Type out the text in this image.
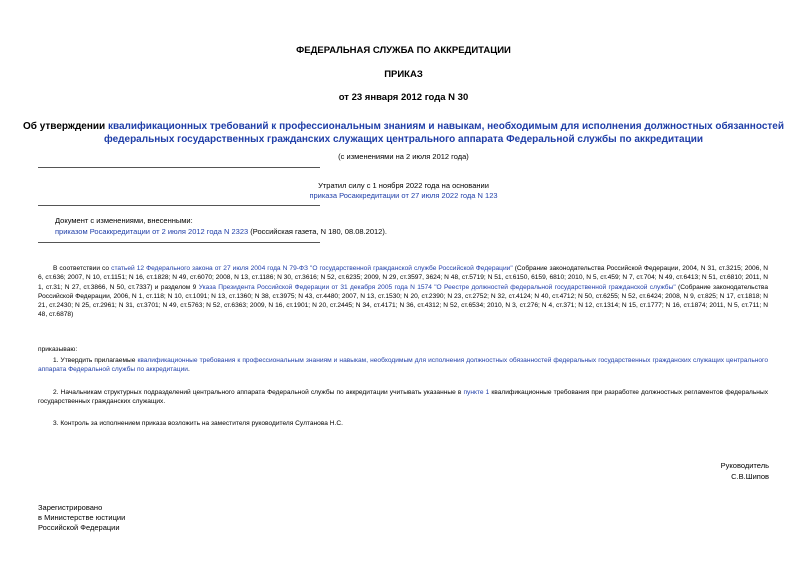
ФЕДЕРАЛЬНАЯ СЛУЖБА ПО АККРЕДИТАЦИИ
ПРИКАЗ
от 23 января 2012 года N 30
Об утверждении квалификационных требований к профессиональным знаниям и навыкам, необходимым для исполнения должностных обязанностей
федеральных государственных гражданских служащих центрального аппарата Федеральной службы по аккредитации
(с изменениями на 2 июля 2012 года)
Утратил силу с 1 ноября 2022 года на основании
приказа Росаккредитации от 27 июля 2022 года N 123
Документ с изменениями, внесенными:
приказом Росаккредитации от 2 июля 2012 года N 2323 (Российская газета, N 180, 08.08.2012).
В соответствии со статьей 12 Федерального закона от 27 июля 2004 года N 79-ФЗ "О государственной гражданской службе Российской Федерации" (Собрание законодательства Российской Федерации, 2004, N 31, ст.3215; 2006, N 6, ст.636; 2007, N 10, ст.1151; N 16, ст.1828; N 49, ст.6070; 2008, N 13, ст.1186; N 30, ст.3616; N 52, ст.6235; 2009, N 29, ст.3597, 3624; N 48, ст.5719; N 51, ст.6150, 6159, 6810; 2010, N 5, ст.459; N 7, ст.704; N 49, ст.6413; N 51, ст.6810; 2011, N 1, ст.31; N 27, ст.3866, N 50, ст.7337) и разделом 9 Указа Президента Российской Федерации от 31 декабря 2005 года N 1574 "О Реестре должностей федеральной государственной гражданской службы" (Собрание законодательства Российской Федерации, 2006, N 1, ст.118; N 10, ст.1091; N 13, ст.1360; N 38, ст.3975; N 43, ст.4480; 2007, N 13, ст.1530; N 20, ст.2390; N 23, ст.2752; N 32, ст.4124; N 40, ст.4712; N 50, ст.6255; N 52, ст.6424; 2008, N 9, ст.825; N 17, ст.1818; N 21, ст.2430; N 25, ст.2961; N 31, ст.3701; N 49, ст.5763; N 52, ст.6363; 2009, N 16, ст.1901; N 20, ст.2445; N 34, ст.4171; N 36, ст.4312; N 52, ст.6534; 2010, N 3, ст.276; N 4, ст.371; N 12, ст.1314; N 15, ст.1777; N 16, ст.1874; 2011, N 5, ст.711; N 48, ст.6878)
приказываю:
1. Утвердить прилагаемые квалификационные требования к профессиональным знаниям и навыкам, необходимым для исполнения должностных обязанностей федеральных государственных гражданских служащих центрального аппарата Федеральной службы по аккредитации.
2. Начальникам структурных подразделений центрального аппарата Федеральной службы по аккредитации учитывать указанные в пункте 1 квалификационные требования при разработке должностных регламентов федеральных государственных гражданских служащих.
3. Контроль за исполнением приказа возложить на заместителя руководителя Султанова Н.С.
Руководитель
С.В.Шипов
Зарегистрировано
в Министерстве юстиции
Российской Федерации
